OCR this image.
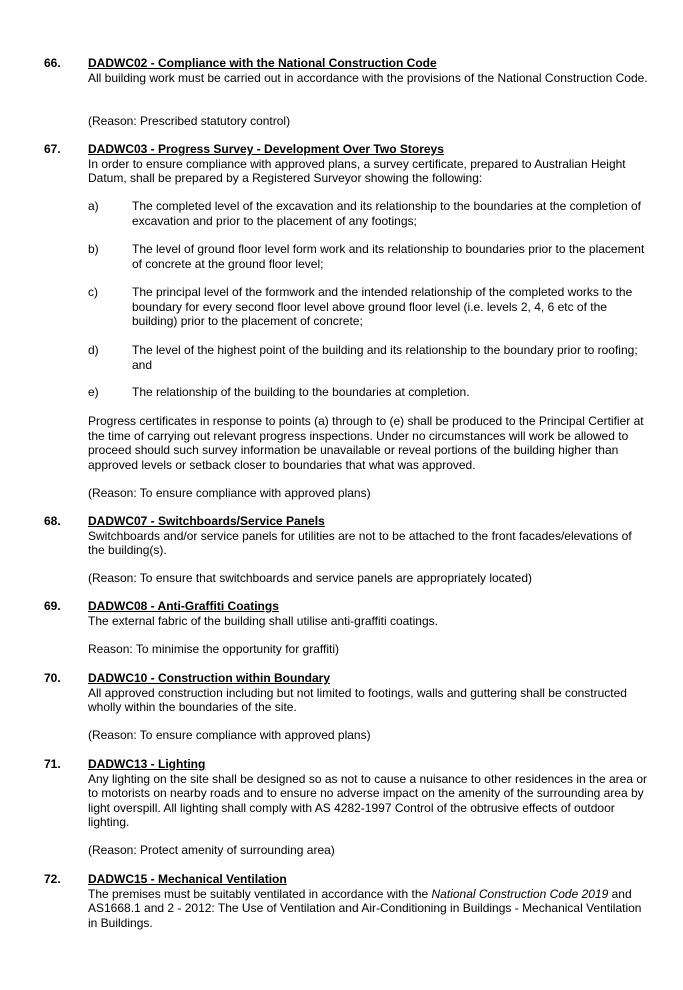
66. DADWC02 - Compliance with the National Construction Code
All building work must be carried out in accordance with the provisions of the National Construction Code.
(Reason: Prescribed statutory control)
67. DADWC03 - Progress Survey - Development Over Two Storeys
In order to ensure compliance with approved plans, a survey certificate, prepared to Australian Height Datum, shall be prepared by a Registered Surveyor showing the following:
a)	The completed level of the excavation and its relationship to the boundaries at the completion of excavation and prior to the placement of any footings;
b)	The level of ground floor level form work and its relationship to boundaries prior to the placement of concrete at the ground floor level;
c)	The principal level of the formwork and the intended relationship of the completed works to the boundary for every second floor level above ground floor level (i.e. levels 2, 4, 6 etc of the building) prior to the placement of concrete;
d)	The level of the highest point of the building and its relationship to the boundary prior to roofing; and
e)	The relationship of the building to the boundaries at completion.
Progress certificates in response to points (a) through to (e) shall be produced to the Principal Certifier at the time of carrying out relevant progress inspections. Under no circumstances will work be allowed to proceed should such survey information be unavailable or reveal portions of the building higher than approved levels or setback closer to boundaries that what was approved.
(Reason: To ensure compliance with approved plans)
68. DADWC07 - Switchboards/Service Panels
Switchboards and/or service panels for utilities are not to be attached to the front facades/elevations of the building(s).
(Reason: To ensure that switchboards and service panels are appropriately located)
69. DADWC08 - Anti-Graffiti Coatings
The external fabric of the building shall utilise anti-graffiti coatings.
Reason: To minimise the opportunity for graffiti)
70. DADWC10 - Construction within Boundary
All approved construction including but not limited to footings, walls and guttering shall be constructed wholly within the boundaries of the site.
(Reason: To ensure compliance with approved plans)
71. DADWC13 - Lighting
Any lighting on the site shall be designed so as not to cause a nuisance to other residences in the area or to motorists on nearby roads and to ensure no adverse impact on the amenity of the surrounding area by light overspill. All lighting shall comply with AS 4282-1997 Control of the obtrusive effects of outdoor lighting.
(Reason: Protect amenity of surrounding area)
72. DADWC15 - Mechanical Ventilation
The premises must be suitably ventilated in accordance with the National Construction Code 2019 and AS1668.1 and 2 - 2012: The Use of Ventilation and Air-Conditioning in Buildings - Mechanical Ventilation in Buildings.
